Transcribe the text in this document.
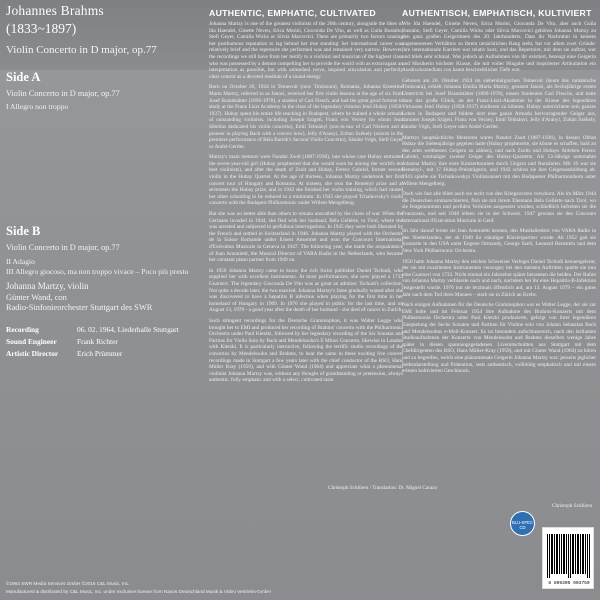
Johannes Brahms
(1833~1897)
Violin Concerto in D major, op.77
Side A
Violin Concerto in D major, op.77
I Allegro non troppo
Side B
Violin Concerto in D major, op.77
II Adagio
III Allegro giocoso, ma non troppo vivace – Poco più presto
Johanna Martzy, violin
Günter Wand, con
Radio-Sinfonieorchester Stuttgart des SWR
Recording	06. 02. 1964, Liederhalle Stuttgart
Sound Engineer	Frank Richter
Artistic Director	Erich Prümmer
AUTHENTIC, EMPHATIC, CULTIVATED

Johanna Martzy is one of the greatest violinists of the 20th century, alongside the likes of Ida Haendel, Ginette Neveu, Erica Morini, Gioconda De Vito, as well as Guila Bustabo, Stefi Geyer, Camilla Wicks or Silvia Marcovici. There are primarily two factors causing her posthumous reputation to lag behind her true standing: her international career was relatively brief and the repertoire she performed was and remained very narrow. However, the recordings we still have from her testify to a violinist and musician of the highest class who was possessed by a demon compelling her to provide the world with as extravagant an interpretation as possible, but with unleashed verve, inspired articulation and perfectly clear control as a devoted medium of a sound energy.

Born on October 26, 1924 in Temesvár (now Timisoara), Romania, Johanna Ernestine Marta Martzy, referred to as Janosi, received her first violin lessons at the age of six from Josef Brandstätter (1896-1978), a student of Carl Flesch, and had the great good fortune to study at the Franz Liszt Academy in the class of the legendary virtuoso Jenő Hubay (1858-1937). Hubay spent his entire life teaching in Budapest, where he trained a whole armada of outstanding violinists, including Joseph Szigeti, Franz von Vecsey (to whom Jean Sibelius dedicated his violin concerto), Emil Telmányi (son-in-law of Carl Nielsen and a pioneer in playing Bach with a convex bow), Jelly d'Aranyi, Zoltan Székely (soloist in the premiere performance of Béla Bartók's Second Violin Concerto), Sándor Végh, Stefi Geyer or André Gertler.

Martzy's main mentors were Nandor Zsolt (1887-1936), into whose care Hubay entrusted the seven-year-old girl (Hubay prophesied that she would soon be among the world's ten best violinists), and after the death of Zsolt and Hubay, Ferenc Gabriel, former second violin in the Hubay Quartet. At the age of thirteen, Johanna Martzy undertook her first concert tour of Hungary and Romania. At sixteen, she won the Reményi prize and at seventeen the Hubay prize, and in 1942 she finished her violin training, which had caused her other schooling to be reduced to a minimum. In 1943 she played Tchaikovsky's violin concerto with the Budapest Philharmonic under Willem Mengelberg.

But she was no better able than others to remain unscathed by the chaos of war. When the Germans invaded in 1944, she fled with her husband, Béla Gellérte, to Tirol, where she was arrested and subjected to perfidious interrogations. In 1945 they were both liberated by the French and settled in Switzerland in 1946. Johanna Martzy played with the Orchestre de la Suisse Romande under Ernest Ansermet and won the Concours International d'Exécution Musicale in Geneva in 1947. The following year, she made the acquaintance of Joan Antonietti, the Musical Director of VARA Radio in the Netherlands, who became her constant piano partner from 1949 on.

In 1950 Johanna Martzy came to know the rich Swiss publisher Daniel Tschudi, who supplied her with excellent instruments. At most performances, she now played a 1733 Guarneri. The legendary Gioconda De Vito was as great an admirer. Tschudi's collection. Not quite a decade later, the two married. Johanna Martzy's fame gradually waned after she was discovered to have a hepatitis B infection when playing for the first time in her homeland of Hungary in 1969. In 1976 she played in public for the last time, and on August 13, 1979 - a good year after the death of her husband - she died of cancer in Zurich.

Such stringent recordings for the Deutsche Grammophon, it was Walter Legge who brought her to EMI and produced her recording of Brahms' concerto with the Philharmonia Orchestra under Paul Kletzki, followed by her legendary recording of the Six Sonatas and Partitas for Violin Solo by Bach and Mendelssohn's E Minor Concerto, likewise in London with Kletzki. It is particularly instructive, following the terrific studio recordings of the concertos by Mendelssohn and Brahms, to hear the same in these exciting live concert recordings made in Stuttgart a few years later with the chief conductor of the RSO, Hans Müller Kray (1959), and with Günter Wand (1964) and appreciate what a phenomenal violinist Johanna Martzy was, without any thought of grandstanding or pretension, always authentic, fully emphatic and with a select, cultivated taste.

Christoph Schlüren / Translation: Dr. Miguel Carazo
AUTHENTISCH, EMPHATISCH, KULTIVIERT

Wie Ida Haendel, Ginette Neveu, Erica Morini, Gioconda De Vito, aber auch Guila Bustabo, Stefi Geyer, Camilla Wicks oder Silvia Marcovici gehören Johanna Martzy zu den ganz großen Geigerinnen des 20. Jahrhunderts. Dass ihr Nachruhm in keinem angemessenen Verhältnis zu ihrem tatsächlichen Rang steht, hat vor allem zwei Gründe: ihre internationale Karriere war relativ kurz, und das Repertoire, mit dem sie auftrat, war und blieb sehr schmal. Was jedoch an Aufnahmen von ihr existiert, bezeugt eine Geigerin und Musikerin höchster Klasse, die mit voller Hingabe und inspirierter Artikulation ein Ausdrucksmedium von kaum beschreiblicher Tiefe war.

Geboren am 26. Oktober 1924 im siebenbürgischen Temesvár (heute das rumänische Timisoara), erhielt Johanna Emilia Maria Martzy, genannt Janosi, als Sechsjährige ersten Unterricht bei Josef Brandstätter (1896-1978), einem Studenten Carl Fleschs, und hatte dann das große Glück, an der Franz-Liszt-Akademie in der Klasse des legendären Virtuosen Jenő Hubay (1858-1937) studieren zu können. Hubay unterrichtete sein ganzes Leben in Budapest und bildete dort eine ganze Armada hervorragender Geiger aus, darunter Joseph Szigeti, Franz von Vecsey, Emil Telmányi, Jelly d'Arányi, Zoltán Székely, Sándor Végh, Stefi Geyer oder André Gertler.

Martzys hauptsächliche Mentoren waren Nandor Zsolt (1887-1936), in dessen Obhut Hubay die Siebenjährige gegeben hatte (Hubay prophezeite, sie könne es schaffen, bald zu den zehn weltbesten Geigern zu zählen), und nach Zsolts und Hubays Ableben Ferenc Gabriel, vormaliger zweiter Geiger des Hubay-Quartetts. Als 13-Jährige unternahm Johanna Martzy ihre erste Konzerttournee durch Ungarn und Rumänien. Mit 16 war sie Reményi-, mit 17 Hubay-Preisträgerin, und 1942 schloss sie ihre Geigenausbildung ab. 1943 spielte sie Tschaikowskys Violinkonzert mit den Budapester Philharmonikern unter Willem Mengelberg.

Doch wie fast alle blieb auch sie nicht von den Kriegswirren verschont. Als im März 1944 die Deutschen einmarschierten, floh sie mit ihrem Ehemann Béla Gellérte nach Tirol, wo sie festgenommen und perfiden Verhören ausgesetzt wurden; schließlich befreiten sie die Franzosen, und seit 1946 lebten sie in der Schweiz. 1947 gewann sie den Concours International d'Exécution Musicale in Genf.

Im Jahr darauf lernte sie Jean Antonietti kennen, den Musikdirektor von VARA Radio in den Niederlanden, der ab 1949 ihr ständiger Klavierpartner wurde. Ab 1952 gab sie Konzerte in den USA unter Eugene Ormandy, George Szell, Leonard Bernstein und dem New York Philharmonic Orchestra.

1950 hatte Johanna Martzy den reichen Schweizer Verleger Daniel Tschudi kennengelernt, der sie mit exzellenten Instrumenten versorgte; bei den meisten Auftritten spielte sie nun eine Guarneri von 1733. Nicht einmal ein Jahrzehnt später heirateten die beiden. Der Ruhm von Johanna Martzy verblasste nach und nach, nachdem bei ihr eine Hepatitis-B-Infektion festgestellt wurde. 1976 trat sie letztmals öffentlich auf, am 13. August 1979 – ein gutes Jahr nach dem Tod ihres Mannes – starb sie in Zürich an Krebs.

Nach einigen Aufnahmen für die Deutsche Grammophon war es Walter Legge, der sie zur EMI holte und im Februar 1954 ihre Aufnahme des Brahms-Konzerts mit dem Philharmonia Orchestra unter Paul Kletzki produzierte, gefolgt von ihrer legendären Einspielung der Sechs Sonaten und Partiten für Violine solo von Johann Sebastian Bach und Mendelssohns e-Moll-Konzert. Es ist besonders aufschlussreich, nach den brillanten Studioaufnahmen der Konzerte von Mendelssohn und Brahms dieselben wenige Jahre später in diesen spannungsgeladenen Livemitschnitten aus Stuttgart mit dem Chefdirigenten des RSO, Hans Müller-Kray (1959), und mit Günter Wand (1964) zu hören und zu begreifen, welch eine phänomenale Geigerin Johanna Martzy war: jenseits jeglicher Selbstdarstellung und Prätention, stets authentisch, vollblütig emphatisch und mit einem erlesen kultivierten Geschmack.

Christoph Schlüren
BLU-SPEC
CD
8 809305 903750
©1964 SWR Media Services GmbH ©2016 C&L Music, Inc.
Manufactured & distributed by C&L Music, Inc. under exclusive license from Naxos Deutschland Musik & Video Vertriebs-GmbH
